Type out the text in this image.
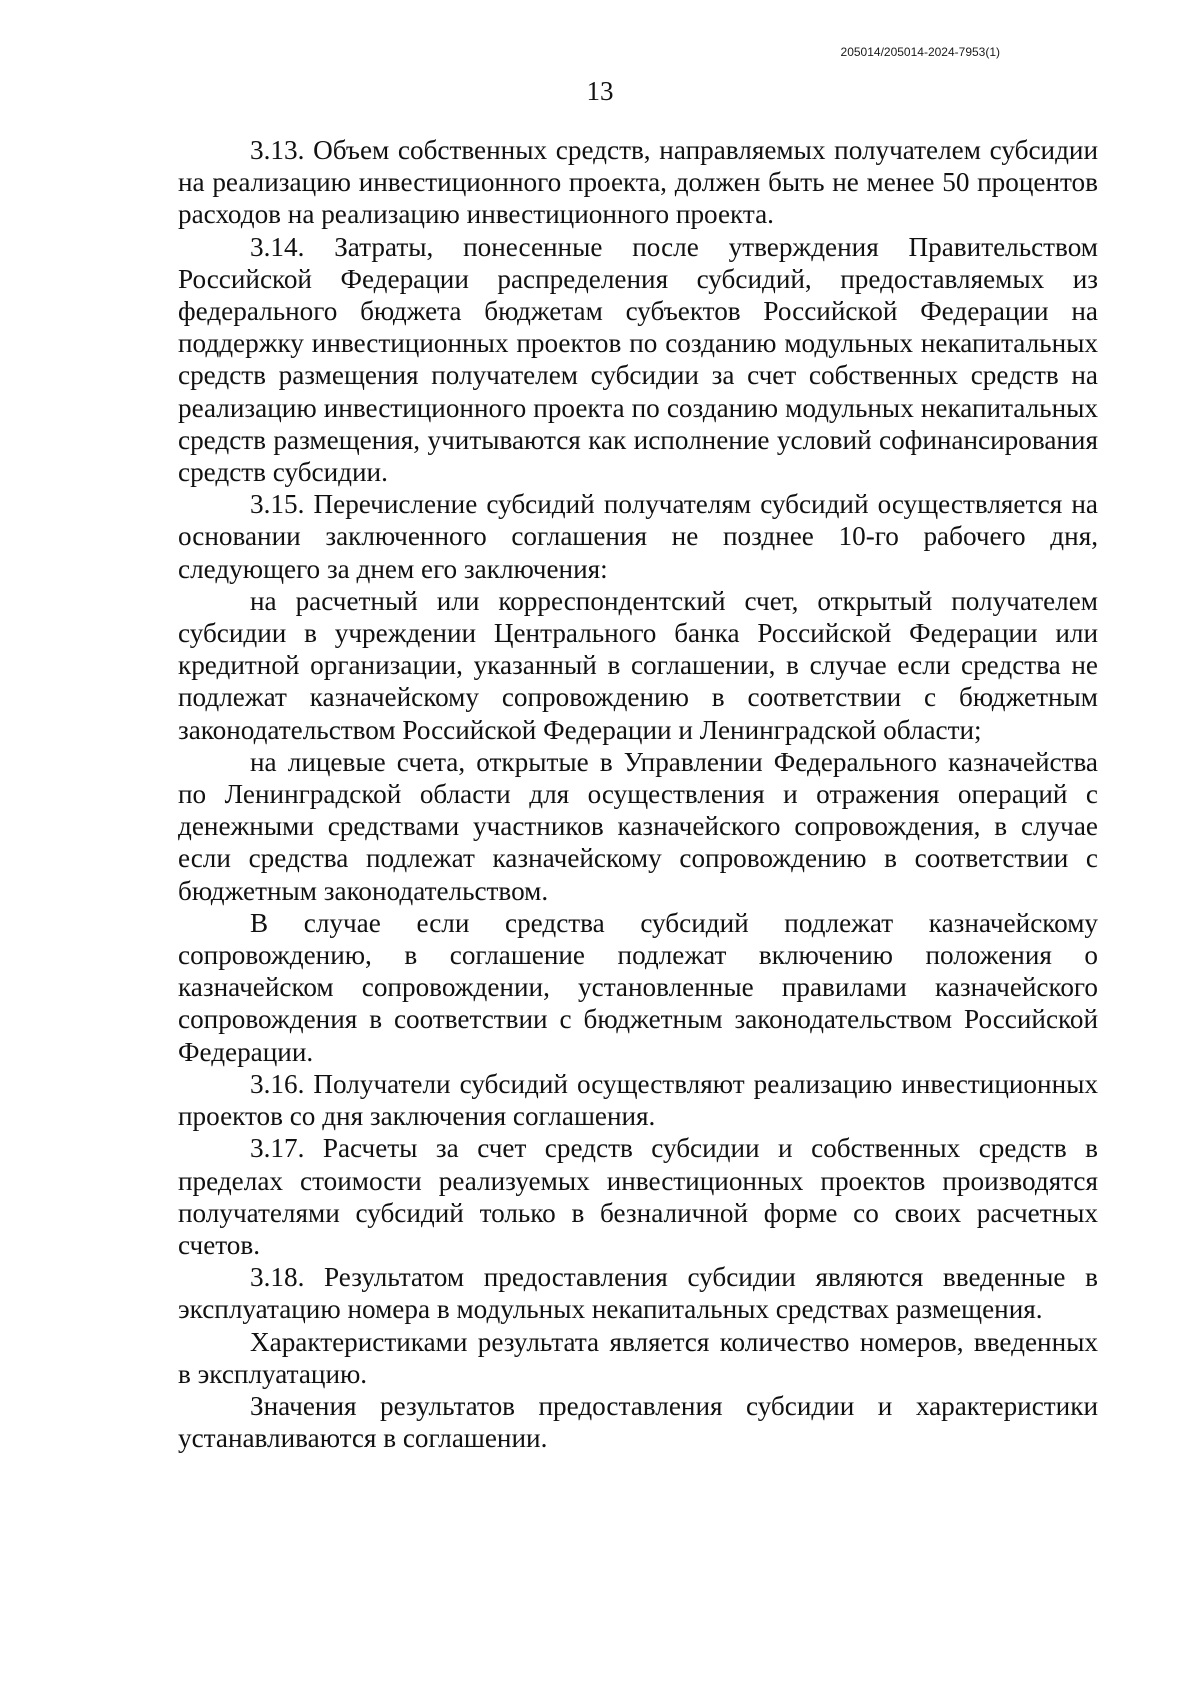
205014/205014-2024-7953(1)
13

3.13. Объем собственных средств, направляемых получателем субсидии на реализацию инвестиционного проекта, должен быть не менее 50 процентов расходов на реализацию инвестиционного проекта.

3.14. Затраты, понесенные после утверждения Правительством Российской Федерации распределения субсидий, предоставляемых из федерального бюджета бюджетам субъектов Российской Федерации на поддержку инвестиционных проектов по созданию модульных некапитальных средств размещения получателем субсидии за счет собственных средств на реализацию инвестиционного проекта по созданию модульных некапитальных средств размещения, учитываются как исполнение условий софинансирования средств субсидии.

3.15. Перечисление субсидий получателям субсидий осуществляется на основании заключенного соглашения не позднее 10-го рабочего дня, следующего за днем его заключения:

на расчетный или корреспондентский счет, открытый получателем субсидии в учреждении Центрального банка Российской Федерации или кредитной организации, указанный в соглашении, в случае если средства не подлежат казначейскому сопровождению в соответствии с бюджетным законодательством Российской Федерации и Ленинградской области;

на лицевые счета, открытые в Управлении Федерального казначейства по Ленинградской области для осуществления и отражения операций с денежными средствами участников казначейского сопровождения, в случае если средства подлежат казначейскому сопровождению в соответствии с бюджетным законодательством.

В случае если средства субсидий подлежат казначейскому сопровождению, в соглашение подлежат включению положения о казначейском сопровождении, установленные правилами казначейского сопровождения в соответствии с бюджетным законодательством Российской Федерации.

3.16. Получатели субсидий осуществляют реализацию инвестиционных проектов со дня заключения соглашения.

3.17. Расчеты за счет средств субсидии и собственных средств в пределах стоимости реализуемых инвестиционных проектов производятся получателями субсидий только в безналичной форме со своих расчетных счетов.

3.18. Результатом предоставления субсидии являются введенные в эксплуатацию номера в модульных некапитальных средствах размещения.

Характеристиками результата является количество номеров, введенных в эксплуатацию.

Значения результатов предоставления субсидии и характеристики устанавливаются в соглашении.
